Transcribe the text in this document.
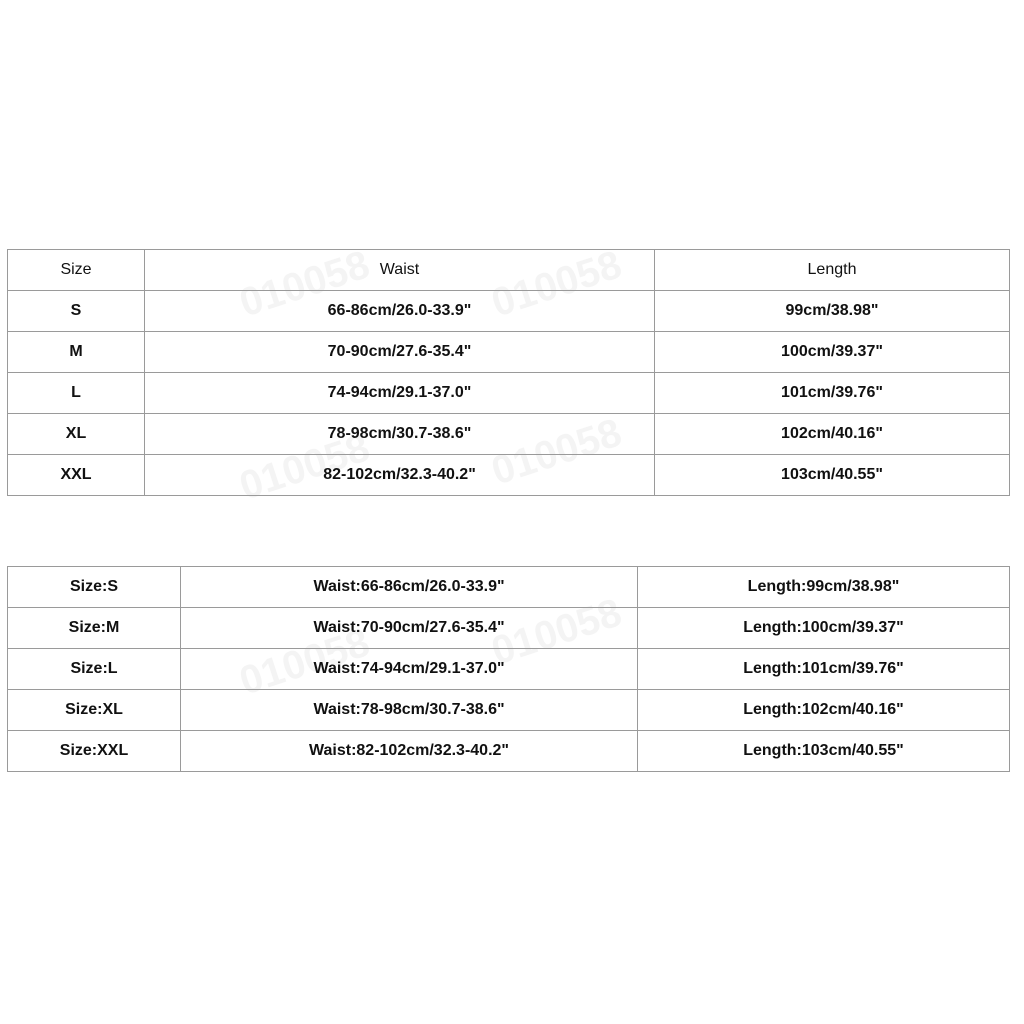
Size	Waist	Length
S	66-86cm/26.0-33.9"	99cm/38.98"
M	70-90cm/27.6-35.4"	100cm/39.37"
L	74-94cm/29.1-37.0"	101cm/39.76"
XL	78-98cm/30.7-38.6"	102cm/40.16"
XXL	82-102cm/32.3-40.2"	103cm/40.55"
Size:S	Waist:66-86cm/26.0-33.9"	Length:99cm/38.98"
Size:M	Waist:70-90cm/27.6-35.4"	Length:100cm/39.37"
Size:L	Waist:74-94cm/29.1-37.0"	Length:101cm/39.76"
Size:XL	Waist:78-98cm/30.7-38.6"	Length:102cm/40.16"
Size:XXL	Waist:82-102cm/32.3-40.2"	Length:103cm/40.55"
